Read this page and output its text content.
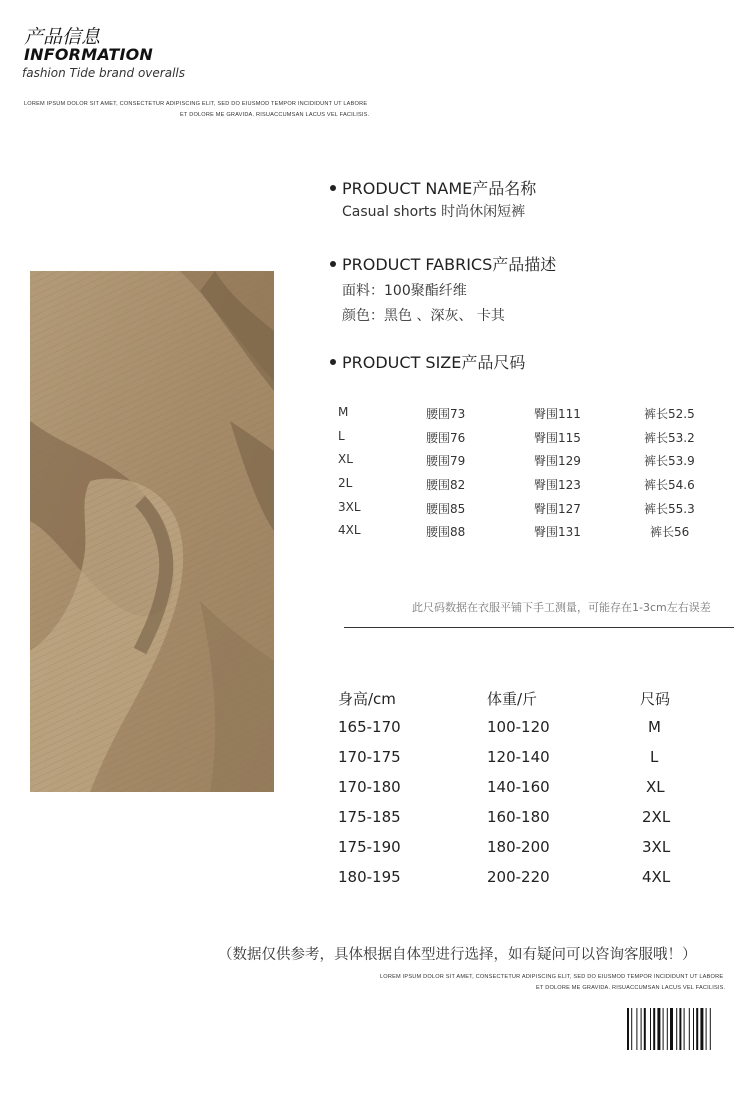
产品信息
INFORMATION
fashion Tide brand overalls
LOREM IPSUM DOLOR SIT AMET, CONSECTETUR ADIPISCING ELIT, SED DO EIUSMOD TEMPOR INCIDIDUNT UT LABORE
ET DOLORE ME GRAVIDA. RISUACCUMSAN LACUS VEL FACILISIS.
PRODUCT NAME产品名称
Casual shorts 时尚休闲短裤
PRODUCT FABRICS产品描述
面料：100聚酯纤维
颜色：黑色 、深灰、 卡其
PRODUCT SIZE产品尺码
M	腰围73	臀围111	裤长52.5
L	腰围76	臀围115	裤长53.2
XL	腰围79	臀围129	裤长53.9
2L	腰围82	臀围123	裤长54.6
3XL	腰围85	臀围127	裤长55.3
4XL	腰围88	臀围131	裤长56
此尺码数据在衣服平铺下手工测量，可能存在1-3cm左右误差
身高/cm	体重/斤	尺码
165-170	100-120	M
170-175	120-140	L
170-180	140-160	XL
175-185	160-180	2XL
175-190	180-200	3XL
180-195	200-220	4XL
（数据仅供参考，具体根据自体型进行选择，如有疑问可以咨询客服哦！）
LOREM IPSUM DOLOR SIT AMET, CONSECTETUR ADIPISCING ELIT, SED DO EIUSMOD TEMPOR INCIDIDUNT UT LABORE
ET DOLORE ME GRAVIDA. RISUACCUMSAN LACUS VEL FACILISIS.
